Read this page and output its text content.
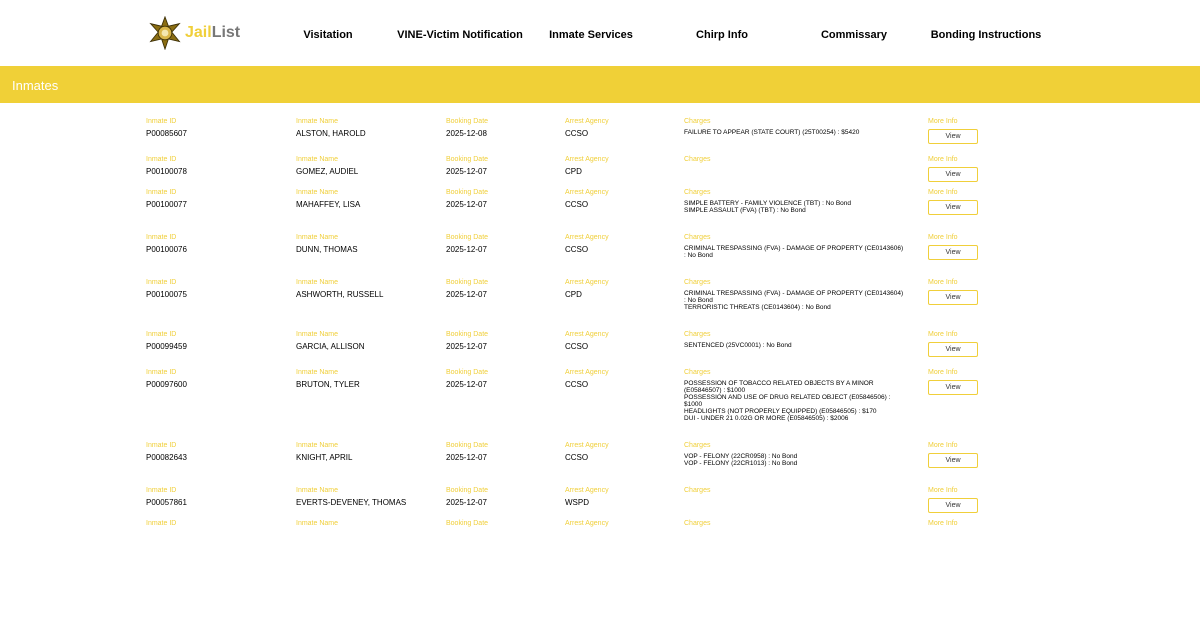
JailList	Visitation	VINE-Victim Notification Inmate Services	Chirp Info	Commissary	Bonding Instructions
Inmates
Inmate ID
P00085607
Inmate Name
ALSTON, HAROLD
Booking Date
2025-12-08
Arrest Agency
CCSO
Charges
FAILURE TO APPEAR (STATE COURT) (25T00254) : $5420
More Info
View
Inmate ID
P00100078
Inmate Name
GOMEZ, AUDIEL
Booking Date
2025-12-07
Arrest Agency
CPD
Charges	More Info
View
Inmate ID
P00100077
Inmate Name
MAHAFFEY, LISA
Booking Date
2025-12-07
Arrest Agency
CCSO
Charges
SIMPLE BATTERY - FAMILY VIOLENCE (TBT) : No Bond
SIMPLE ASSAULT (FVA) (TBT) : No Bond
More Info
View
Inmate ID
P00100076
Inmate Name
DUNN, THOMAS
Booking Date
2025-12-07
Arrest Agency
CCSO
Charges
CRIMINAL TRESPASSING (FVA) - DAMAGE OF PROPERTY (CE0143606) : No Bond
More Info
View
Inmate ID
P00100075
Inmate Name
ASHWORTH, RUSSELL
Booking Date
2025-12-07
Arrest Agency
CPD
Charges
CRIMINAL TRESPASSING (FVA) - DAMAGE OF PROPERTY (CE0143604) : No Bond
TERRORISTIC THREATS (CE0143604) : No Bond
More Info
View
Inmate ID
P00099459
Inmate Name
GARCIA, ALLISON
Booking Date
2025-12-07
Arrest Agency
CCSO
Charges
SENTENCED (25VC0001) : No Bond
More Info
View
Inmate ID
P00097600
Inmate Name
BRUTON, TYLER
Booking Date
2025-12-07
Arrest Agency
CCSO
Charges
POSSESSION OF TOBACCO RELATED OBJECTS BY A MINOR (E05846507) : $1000
POSSESSION AND USE OF DRUG RELATED OBJECT (E05846506) : $1000
HEADLIGHTS (NOT PROPERLY EQUIPPED) (E05846505) : $170
DUI - UNDER 21 0.02G OR MORE (E05846505) : $2006
More Info
View
Inmate ID
P00082643
Inmate Name
KNIGHT, APRIL
Booking Date
2025-12-07
Arrest Agency
CCSO
Charges
VOP - FELONY (22CR0958) : No Bond
VOP - FELONY (22CR1013) : No Bond
More Info
View
Inmate ID
P00057861
Inmate Name
EVERTS-DEVENEY, THOMAS
Booking Date
2025-12-07
Arrest Agency
WSPD
Charges	More Info
View
Inmate ID	Inmate Name	Booking Date	Arrest Agency	Charges	More Info
